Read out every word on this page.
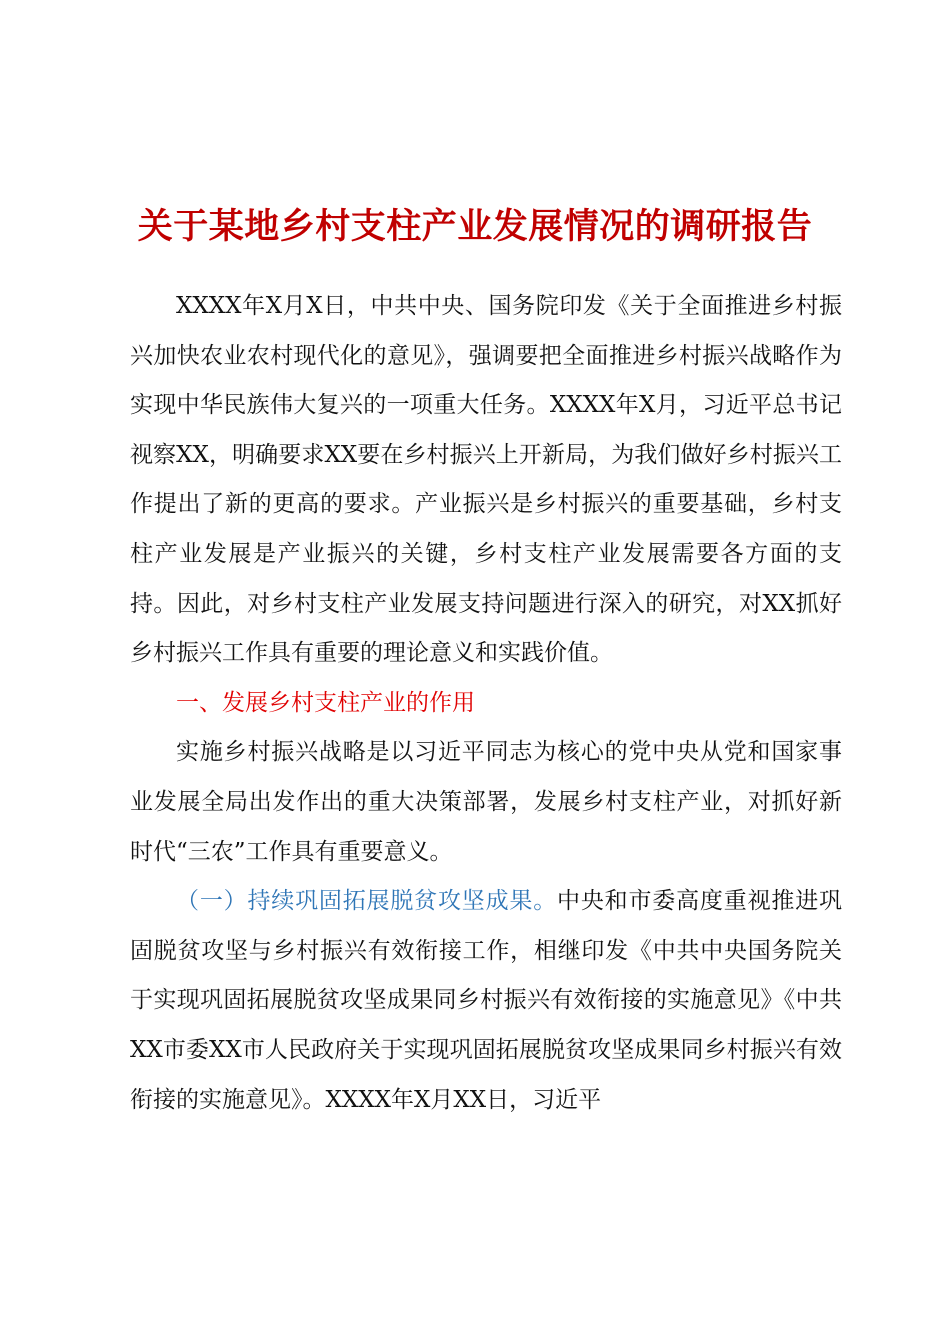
关于某地乡村支柱产业发展情况的调研报告

XXXX年X月X日，中共中央、国务院印发《关于全面推进乡村振兴加快农业农村现代化的意见》，强调要把全面推进乡村振兴战略作为实现中华民族伟大复兴的一项重大任务。XXXX年X月，习近平总书记视察XX，明确要求XX要在乡村振兴上开新局，为我们做好乡村振兴工作提出了新的更高的要求。产业振兴是乡村振兴的重要基础，乡村支柱产业发展是产业振兴的关键，乡村支柱产业发展需要各方面的支持。因此，对乡村支柱产业发展支持问题进行深入的研究，对XX抓好乡村振兴工作具有重要的理论意义和实践价值。

一、发展乡村支柱产业的作用

实施乡村振兴战略是以习近平同志为核心的党中央从党和国家事业发展全局出发作出的重大决策部署，发展乡村支柱产业，对抓好新时代“三农”工作具有重要意义。

（一）持续巩固拓展脱贫攻坚成果。中央和市委高度重视推进巩固脱贫攻坚与乡村振兴有效衔接工作，相继印发《中共中央国务院关于实现巩固拓展脱贫攻坚成果同乡村振兴有效衔接的实施意见》《中共XX市委XX市人民政府关于实现巩固拓展脱贫攻坚成果同乡村振兴有效衔接的实施意见》。XXXX年X月XX日，习近平
